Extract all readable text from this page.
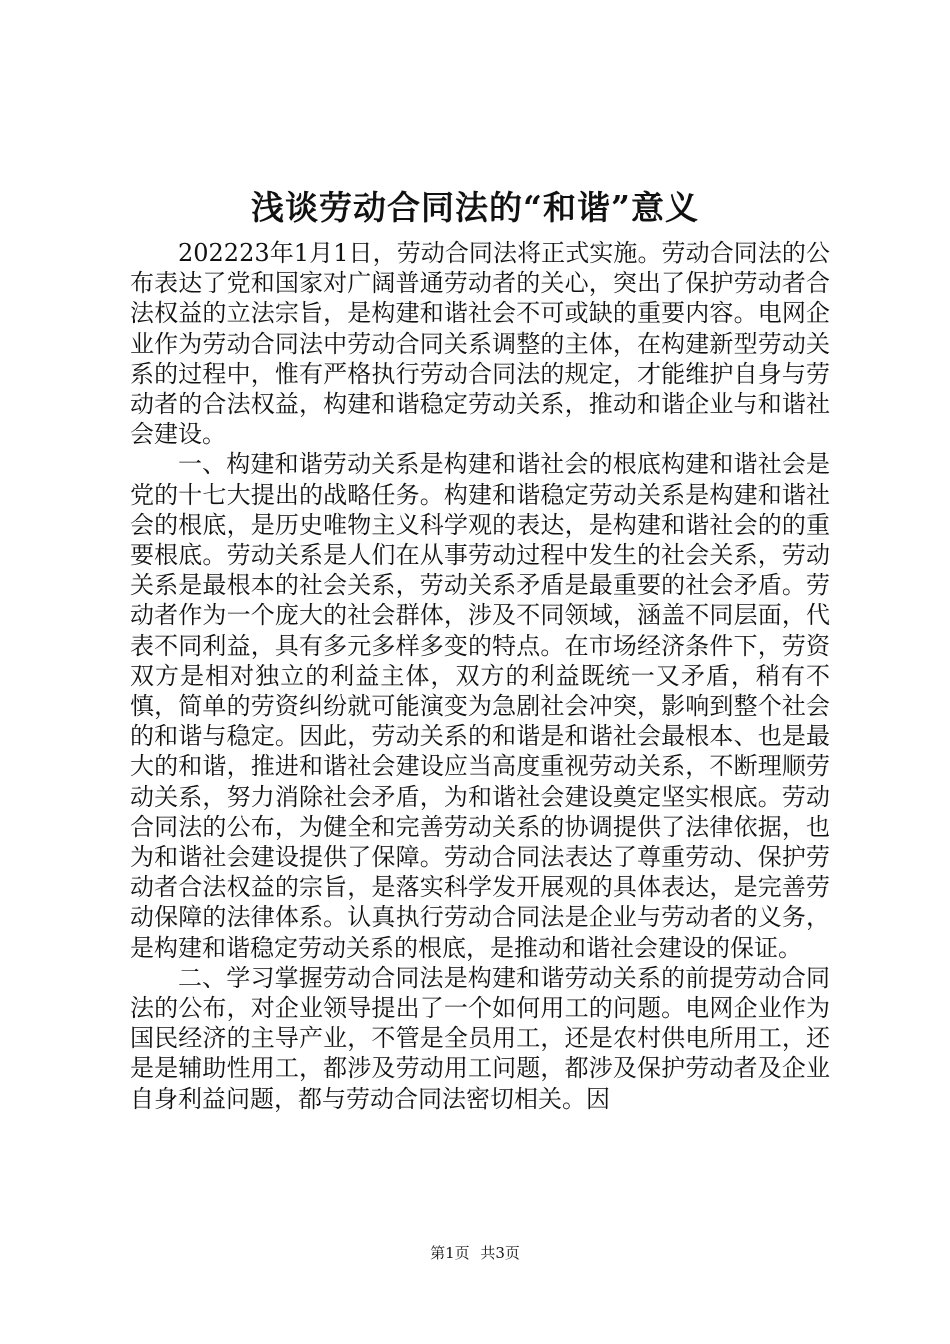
浅谈劳动合同法的“和谐”意义

202223年1月1日，劳动合同法将正式实施。劳动合同法的公布表达了党和国家对广阔普通劳动者的关心，突出了保护劳动者合法权益的立法宗旨，是构建和谐社会不可或缺的重要内容。电网企业作为劳动合同法中劳动合同关系调整的主体，在构建新型劳动关系的过程中，惟有严格执行劳动合同法的规定，才能维护自身与劳动者的合法权益，构建和谐稳定劳动关系，推动和谐企业与和谐社会建设。

一、构建和谐劳动关系是构建和谐社会的根底构建和谐社会是党的十七大提出的战略任务。构建和谐稳定劳动关系是构建和谐社会的根底，是历史唯物主义科学观的表达，是构建和谐社会的的重要根底。劳动关系是人们在从事劳动过程中发生的社会关系，劳动关系是最根本的社会关系，劳动关系矛盾是最重要的社会矛盾。劳动者作为一个庞大的社会群体，涉及不同领域，涵盖不同层面，代表不同利益，具有多元多样多变的特点。在市场经济条件下，劳资双方是相对独立的利益主体，双方的利益既统一又矛盾，稍有不慎，简单的劳资纠纷就可能演变为急剧社会冲突，影响到整个社会的和谐与稳定。因此，劳动关系的和谐是和谐社会最根本、也是最大的和谐，推进和谐社会建设应当高度重视劳动关系，不断理顺劳动关系，努力消除社会矛盾，为和谐社会建设奠定坚实根底。劳动合同法的公布，为健全和完善劳动关系的协调提供了法律依据，也为和谐社会建设提供了保障。劳动合同法表达了尊重劳动、保护劳动者合法权益的宗旨，是落实科学发开展观的具体表达，是完善劳动保障的法律体系。认真执行劳动合同法是企业与劳动者的义务，是构建和谐稳定劳动关系的根底，是推动和谐社会建设的保证。

二、学习掌握劳动合同法是构建和谐劳动关系的前提劳动合同法的公布，对企业领导提出了一个如何用工的问题。电网企业作为国民经济的主导产业，不管是全员用工，还是农村供电所用工，还是是辅助性用工，都涉及劳动用工问题，都涉及保护劳动者及企业自身利益问题，都与劳动合同法密切相关。因

第1页 共3页
